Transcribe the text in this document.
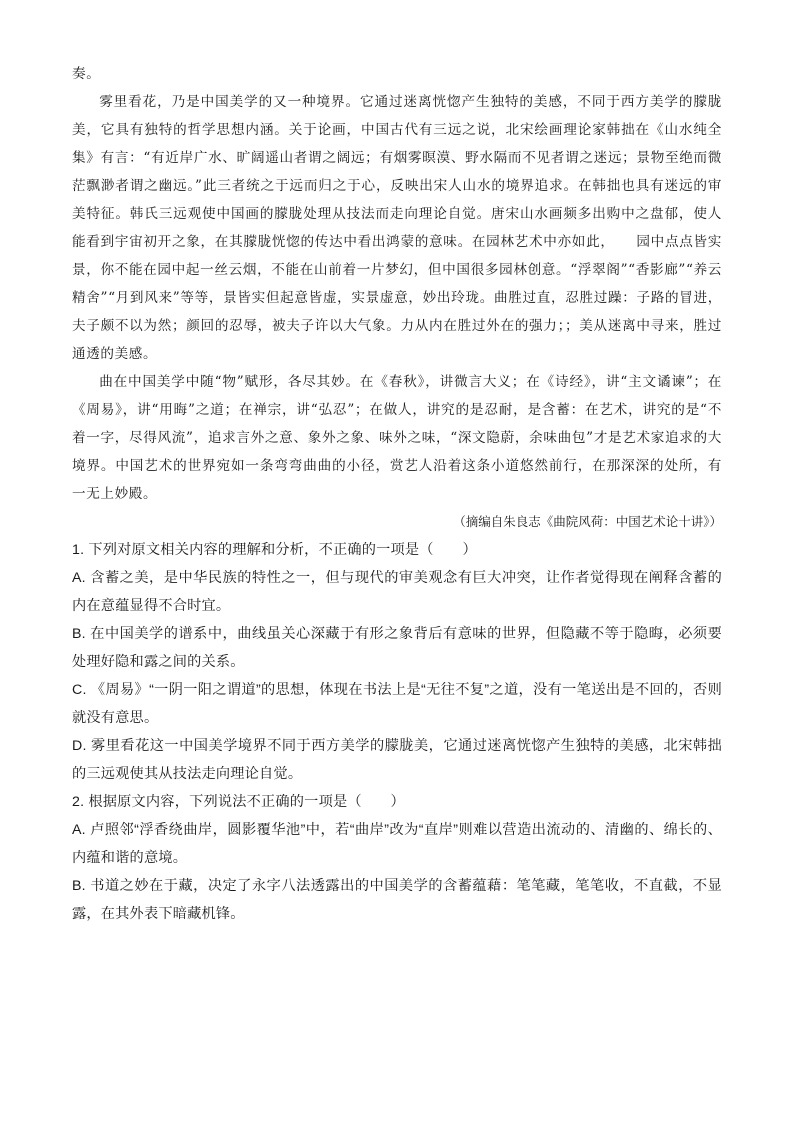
奏。

雾里看花，乃是中国美学的又一种境界。它通过迷离恍惚产生独特的美感，不同于西方美学的朦胧美，它具有独特的哲学思想内涵。关于论画，中国古代有三远之说，北宋绘画理论家韩拙在《山水纯全集》有言：“有近岸广水、旷阔遥山者谓之阔远；有烟雾暝漠、野水隔而不见者谓之迷远；景物至绝而微茫飘渺者谓之幽远。”此三者统之于远而归之于心，反映出宋人山水的境界追求。在韩拙也具有迷远的审美特征。韩氏三远观使中国画的朦胧处理从技法而走向理论自觉。唐宋山水画频多出购中之盘郁，使人能看到宇宙初开之象，在其朦胧恍惚的传达中看出鸿蒙的意味。在园林艺术中亦如此，　　园中点点皆实景，你不能在园中起一丝云烟，不能在山前着一片梦幻，但中国很多园林创意。“浮翠阁”“香影廊”“养云精舍”“月到风来”等等，景皆实但起意皆虚，实景虚意，妙出玲珑。曲胜过直，忍胜过躁：子路的冒进，夫子颇不以为然；颜回的忍辱，被夫子许以大气象。力从内在胜过外在的强力；；美从迷离中寻来，胜过通透的美感。

曲在中国美学中随“物”赋形，各尽其妙。在《春秋》，讲微言大义；在《诗经》，讲“主文谲谏”；在《周易》，讲“用晦”之道；在禅宗，讲“弘忍”；在做人，讲究的是忍耐，是含蓄：在艺术，讲究的是“不着一字，尽得风流”，追求言外之意、象外之象、味外之味，“深文隐蔚，余味曲包”才是艺术家追求的大境界。中国艺术的世界宛如一条弯弯曲曲的小径，赏艺人沿着这条小道悠然前行，在那深深的处所，有一无上妙殿。

（摘编自朱良志《曲院风荷：中国艺术论十讲》）

1. 下列对原文相关内容的理解和分析，不正确的一项是（　　）

A. 含蓄之美，是中华民族的特性之一，但与现代的审美观念有巨大冲突，让作者觉得现在阐释含蓄的内在意蕴显得不合时宜。

B. 在中国美学的谱系中，曲线虽关心深藏于有形之象背后有意味的世界，但隐藏不等于隐晦，必须要处理好隐和露之间的关系。

C. 《周易》“一阴一阳之谓道”的思想，体现在书法上是“无往不复”之道，没有一笔送出是不回的，否则就没有意思。

D. 雾里看花这一中国美学境界不同于西方美学的朦胧美，它通过迷离恍惚产生独特的美感，北宋韩拙的三远观使其从技法走向理论自觉。

2. 根据原文内容，下列说法不正确的一项是（　　）

A. 卢照邻“浮香绕曲岸，圆影覆华池”中，若“曲岸”改为“直岸”则难以营造出流动的、清幽的、绵长的、内蕴和谐的意境。

B. 书道之妙在于藏，决定了永字八法透露出的中国美学的含蓄蕴藉：笔笔藏，笔笔收，不直截，不显露，在其外表下暗藏机锋。
